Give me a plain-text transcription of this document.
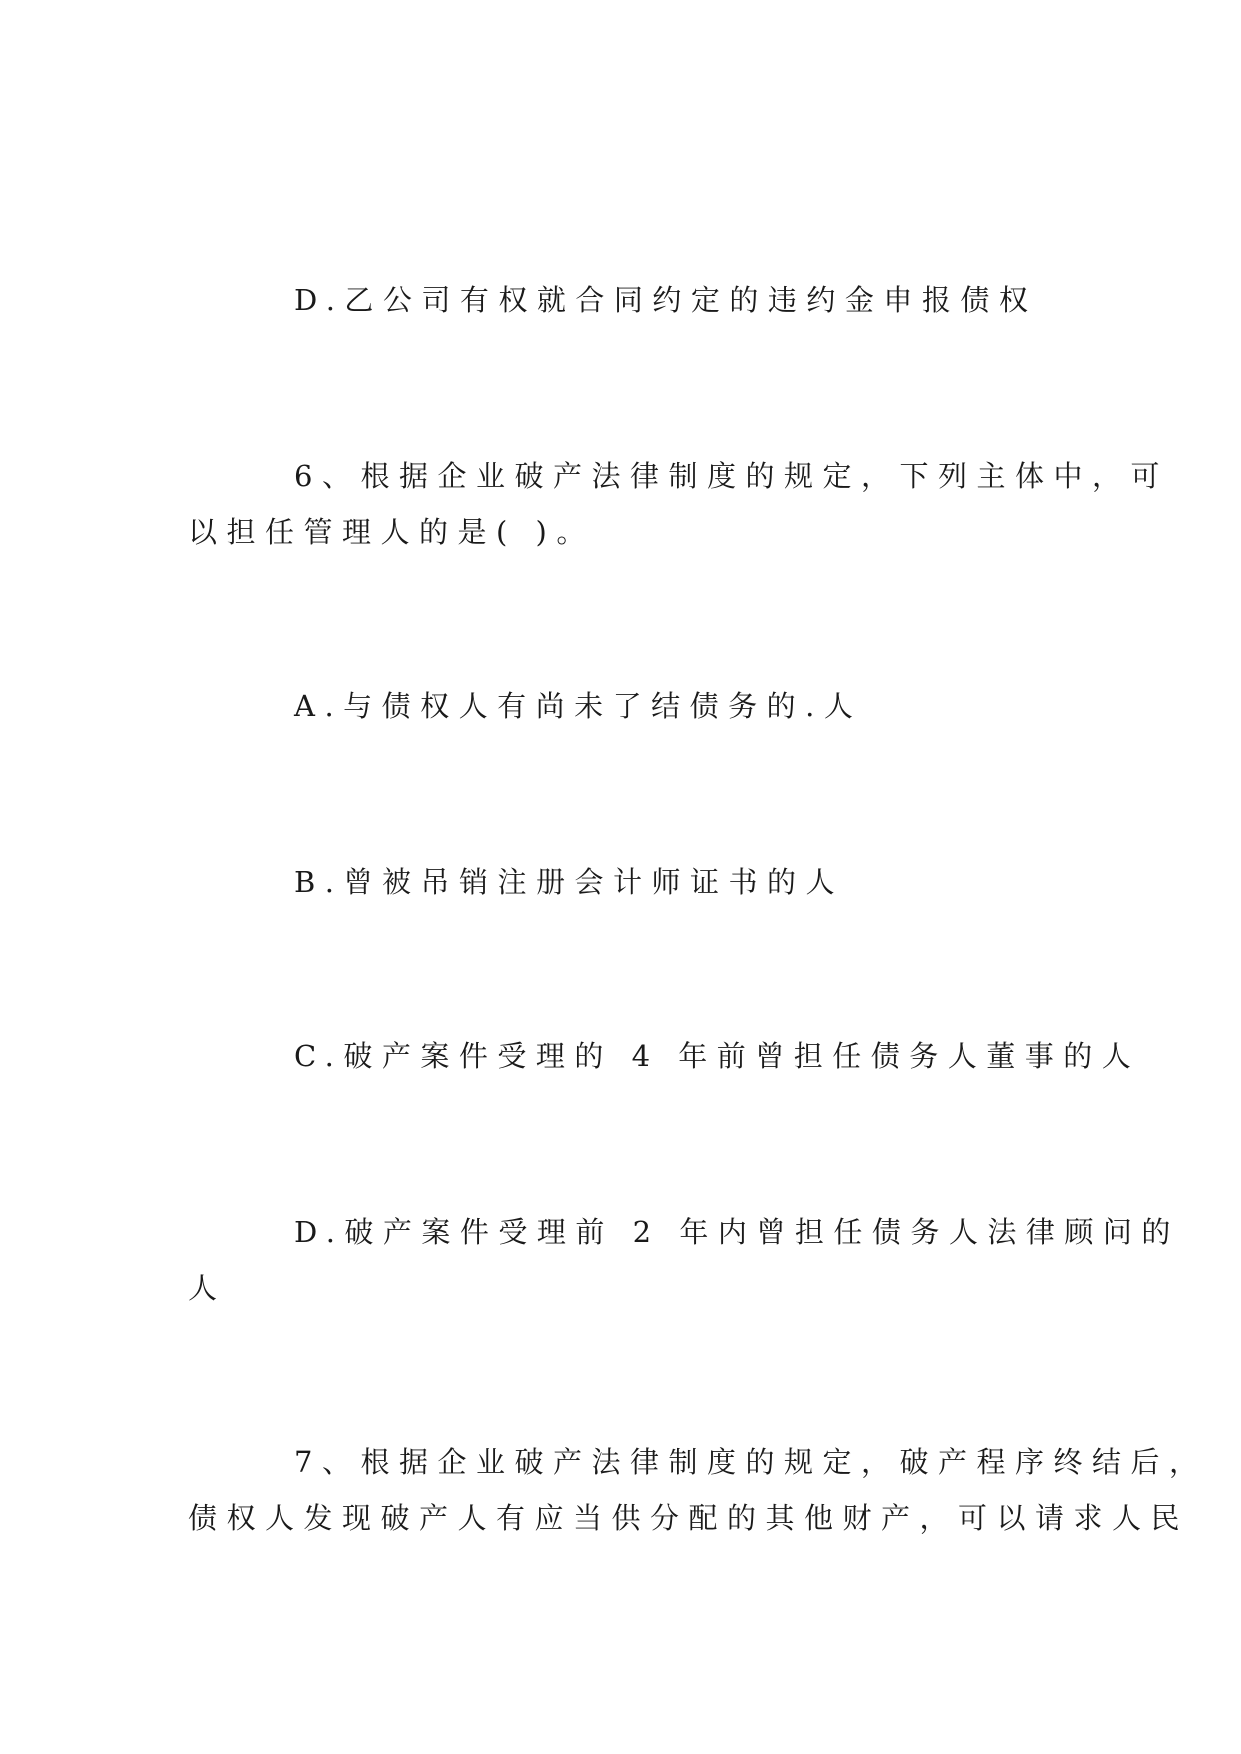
D.乙公司有权就合同约定的违约金申报债权
6、根据企业破产法律制度的规定，下列主体中，可
以担任管理人的是( )。
A.与债权人有尚未了结债务的.人
B.曾被吊销注册会计师证书的人
C.破产案件受理的 4 年前曾担任债务人董事的人
D.破产案件受理前 2 年内曾担任债务人法律顾问的
人
7、根据企业破产法律制度的规定，破产程序终结后，
债权人发现破产人有应当供分配的其他财产，可以请求人民
